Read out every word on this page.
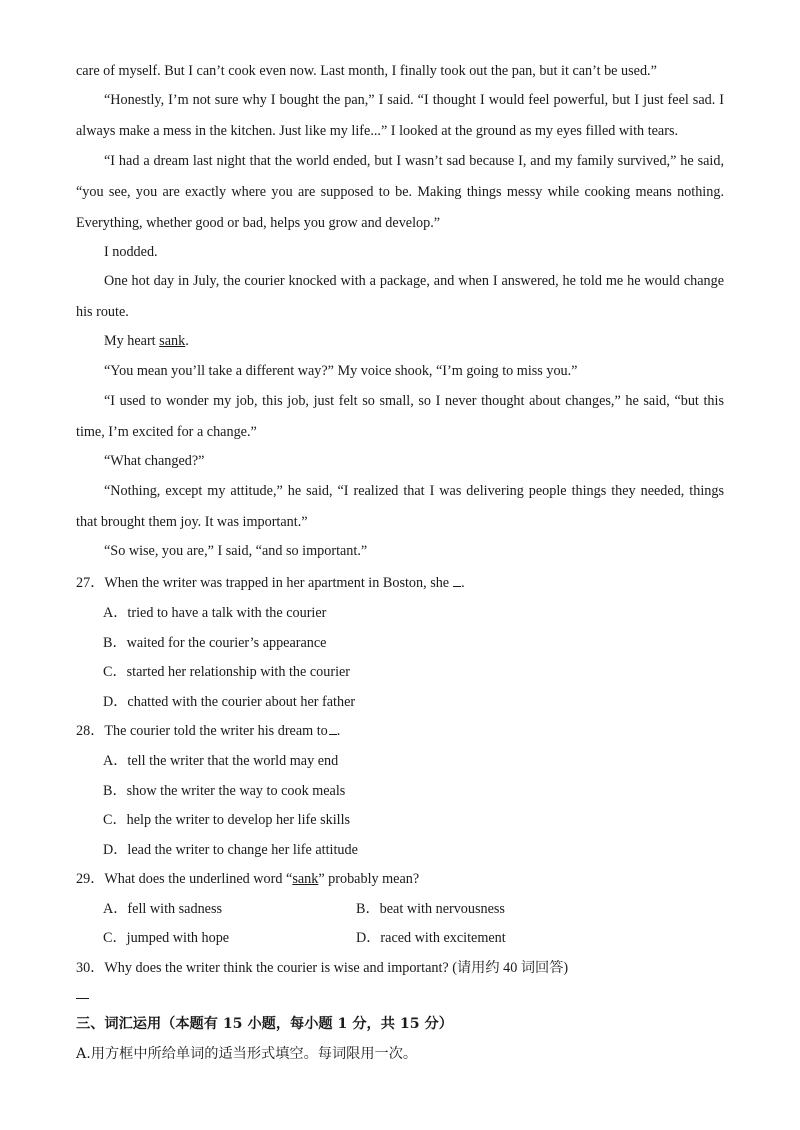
care of myself. But I can’t cook even now. Last month, I finally took out the pan, but it can’t be used.”

“Honestly, I’m not sure why I bought the pan,” I said. “I thought I would feel powerful, but I just feel sad. I always make a mess in the kitchen. Just like my life...” I looked at the ground as my eyes filled with tears.

“I had a dream last night that the world ended, but I wasn’t sad because I, and my family survived,” he said, “you see, you are exactly where you are supposed to be. Making things messy while cooking means nothing. Everything, whether good or bad, helps you grow and develop.”

I nodded.

One hot day in July, the courier knocked with a package, and when I answered, he told me he would change his route.

My heart sank.

“You mean you’ll take a different way?” My voice shook, “I’m going to miss you.”

“I used to wonder my job, this job, just felt so small, so I never thought about changes,” he said, “but this time, I’m excited for a change.”

“What changed?”

“Nothing, except my attitude,” he said, “I realized that I was delivering people things they needed, things that brought them joy. It was important.”

“So wise, you are,” I said, “and so important.”

27．When the writer was trapped in her apartment in Boston, she .
A．tried to have a talk with the courier
B．waited for the courier’s appearance
C．started her relationship with the courier
D．chatted with the courier about her father
28．The courier told the writer his dream to .
A．tell the writer that the world may end
B．show the writer the way to cook meals
C．help the writer to develop her life skills
D．lead the writer to change her life attitude
29．What does the underlined word “sank” probably mean?
A．fell with sadness	B．beat with nervousness
C．jumped with hope	D．raced with excitement
30．Why does the writer think the courier is wise and important? (请用约 40 词回答)
三、词汇运用（本题有 15 小题，每小题 1 分，共 15 分）
A.用方框中所给单词的适当形式填空。每词限用一次。
